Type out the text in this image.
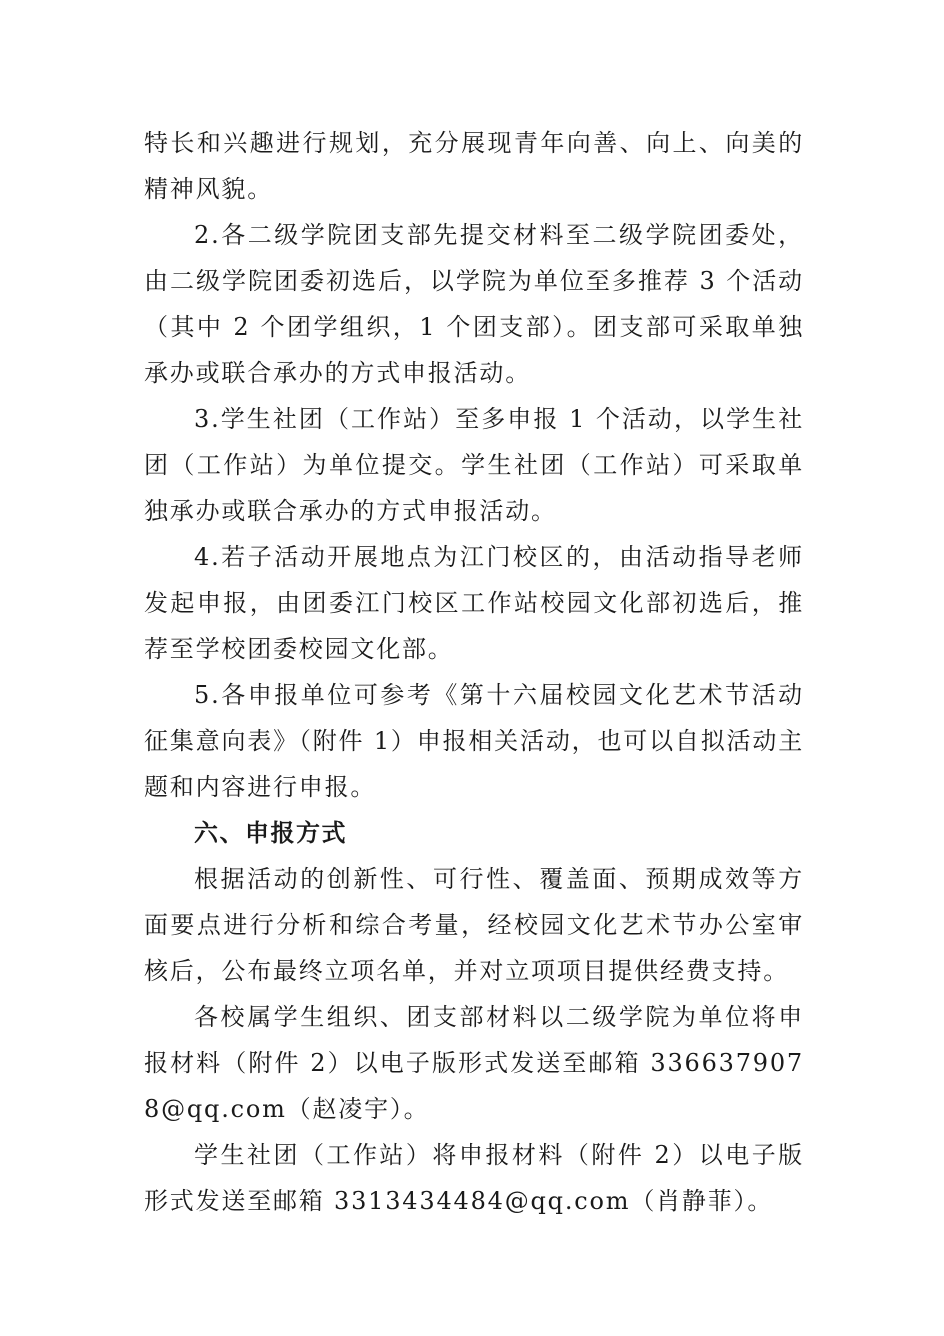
特长和兴趣进行规划，充分展现青年向善、向上、向美的精神风貌。

2.各二级学院团支部先提交材料至二级学院团委处，由二级学院团委初选后，以学院为单位至多推荐 3 个活动（其中 2 个团学组织，1 个团支部）。团支部可采取单独承办或联合承办的方式申报活动。

3.学生社团（工作站）至多申报 1 个活动，以学生社团（工作站）为单位提交。学生社团（工作站）可采取单独承办或联合承办的方式申报活动。

4.若子活动开展地点为江门校区的，由活动指导老师发起申报，由团委江门校区工作站校园文化部初选后，推荐至学校团委校园文化部。

5.各申报单位可参考《第十六届校园文化艺术节活动征集意向表》（附件 1）申报相关活动，也可以自拟活动主题和内容进行申报。

六、申报方式

根据活动的创新性、可行性、覆盖面、预期成效等方面要点进行分析和综合考量，经校园文化艺术节办公室审核后，公布最终立项名单，并对立项项目提供经费支持。

各校属学生组织、团支部材料以二级学院为单位将申报材料（附件 2）以电子版形式发送至邮箱 3366379078@qq.com（赵凌宇）。

学生社团（工作站）将申报材料（附件 2）以电子版形式发送至邮箱 3313434484@qq.com（肖静菲）。
